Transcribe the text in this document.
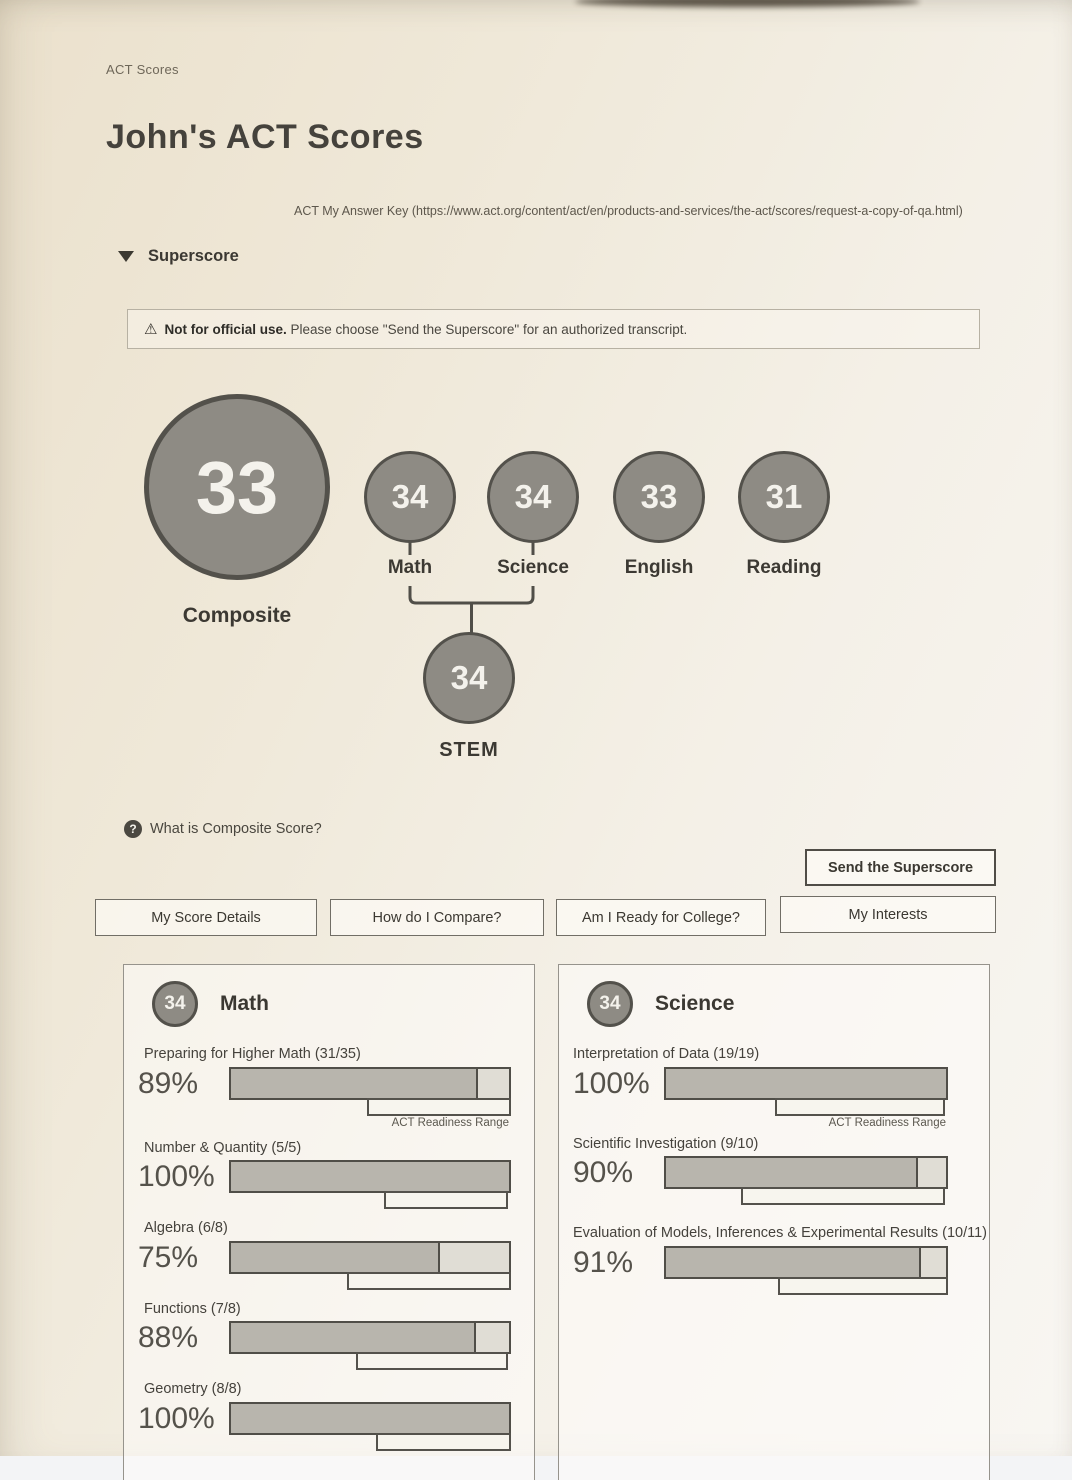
ACT Scores
John's ACT Scores
ACT My Answer Key (https://www.act.org/content/act/en/products-and-services/the-act/scores/request-a-copy-of-qa.html)
Superscore
⚠ Not for official use. Please choose "Send the Superscore" for an authorized transcript.
33
Composite
34
Math
34
Science
33
English
31
Reading
34
STEM
? What is Composite Score?
Send the Superscore
My Score Details	How do I Compare?	Am I Ready for College?	My Interests
34	Math
Preparing for Higher Math (31/35)
89%
ACT Readiness Range
Number & Quantity (5/5)
100%
Algebra (6/8)
75%
Functions (7/8)
88%
Geometry (8/8)
100%
34	Science
Interpretation of Data (19/19)
100%
ACT Readiness Range
Scientific Investigation (9/10)
90%
Evaluation of Models, Inferences & Experimental Results (10/11)
91%
